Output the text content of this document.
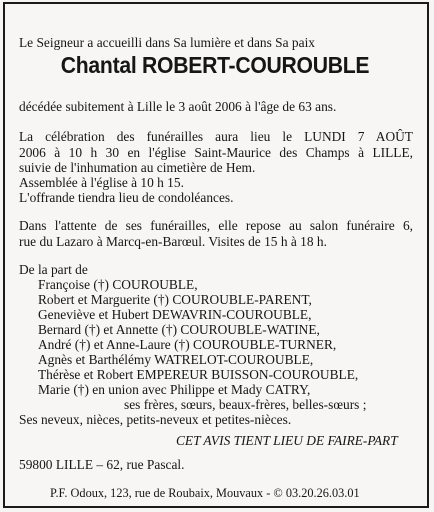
Le Seigneur a accueilli dans Sa lumière et dans Sa paix
Chantal ROBERT-COUROUBLE
décédée subitement à Lille le 3 août 2006 à l'âge de 63 ans.
La célébration des funérailles aura lieu le LUNDI 7 AOÛT
2006 à 10 h 30 en l'église Saint-Maurice des Champs à LILLE,
suivie de l'inhumation au cimetière de Hem.
Assemblée à l'église à 10 h 15.
L'offrande tiendra lieu de condoléances.
Dans l'attente de ses funérailles, elle repose au salon funéraire 6,
rue du Lazaro à Marcq-en-Barœul. Visites de 15 h à 18 h.
De la part de
Françoise (†) COUROUBLE,
Robert et Marguerite (†) COUROUBLE-PARENT,
Geneviève et Hubert DEWAVRIN-COUROUBLE,
Bernard (†) et Annette (†) COUROUBLE-WATINE,
André (†) et Anne-Laure (†) COUROUBLE-TURNER,
Agnès et Barthélémy WATRELOT-COUROUBLE,
Thérèse et Robert EMPEREUR BUISSON-COUROUBLE,
Marie (†) en union avec Philippe et Mady CATRY,
ses frères, sœurs, beaux-frères, belles-sœurs ;
Ses neveux, nièces, petits-neveux et petites-nièces.
CET AVIS TIENT LIEU DE FAIRE-PART
59800 LILLE – 62, rue Pascal.
P.F. Odoux, 123, rue de Roubaix, Mouvaux - © 03.20.26.03.01
